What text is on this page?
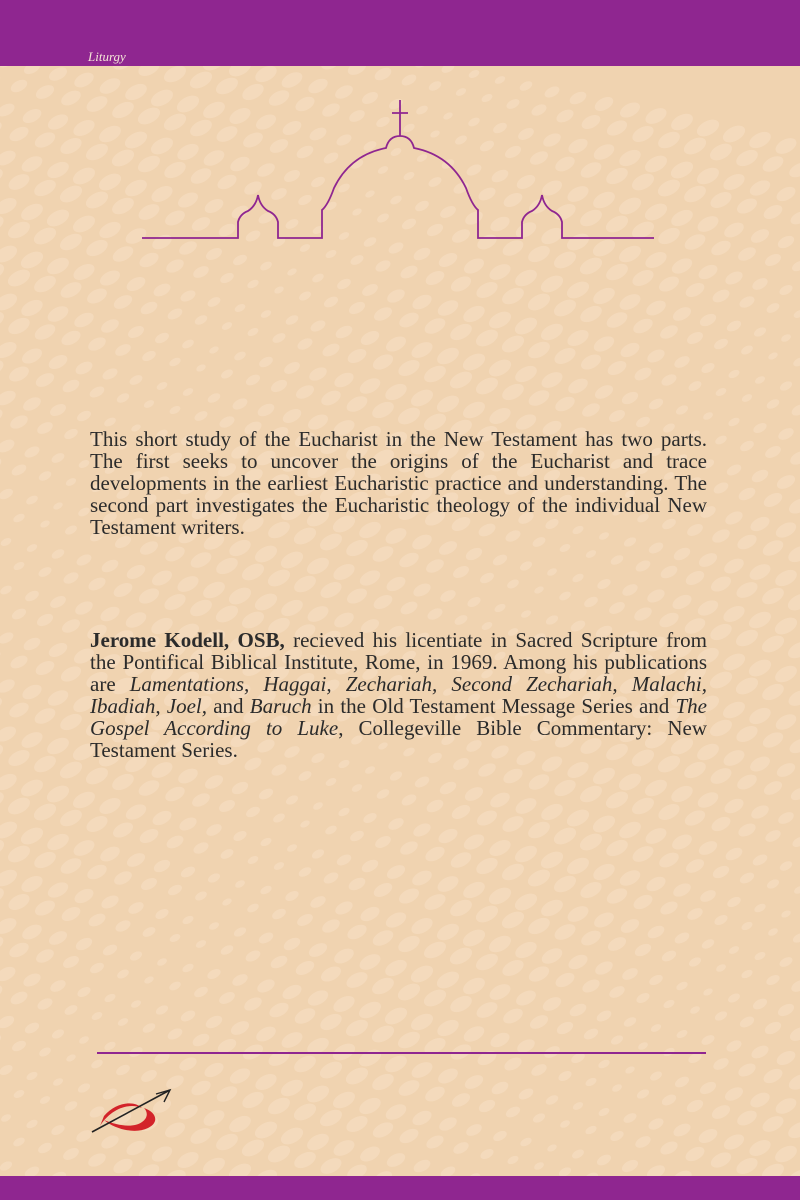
Liturgy
This short study of the Eucharist in the New Testament has two parts. The first seeks to uncover the origins of the Eucharist and trace developments in the earliest Eucharistic practice and understanding. The second part investigates the Eucharistic theology of the individual New Testament writers.
Jerome Kodell, OSB, recieved his licentiate in Sacred Scripture from the Pontifical Biblical Institute, Rome, in 1969. Among his publications are Lamentations, Haggai, Zechariah, Second Zechariah, Malachi, Ibadiah, Joel, and Baruch in the Old Testament Message Series and The Gospel According to Luke, Collegeville Bible Commentary: New Testament Series.
